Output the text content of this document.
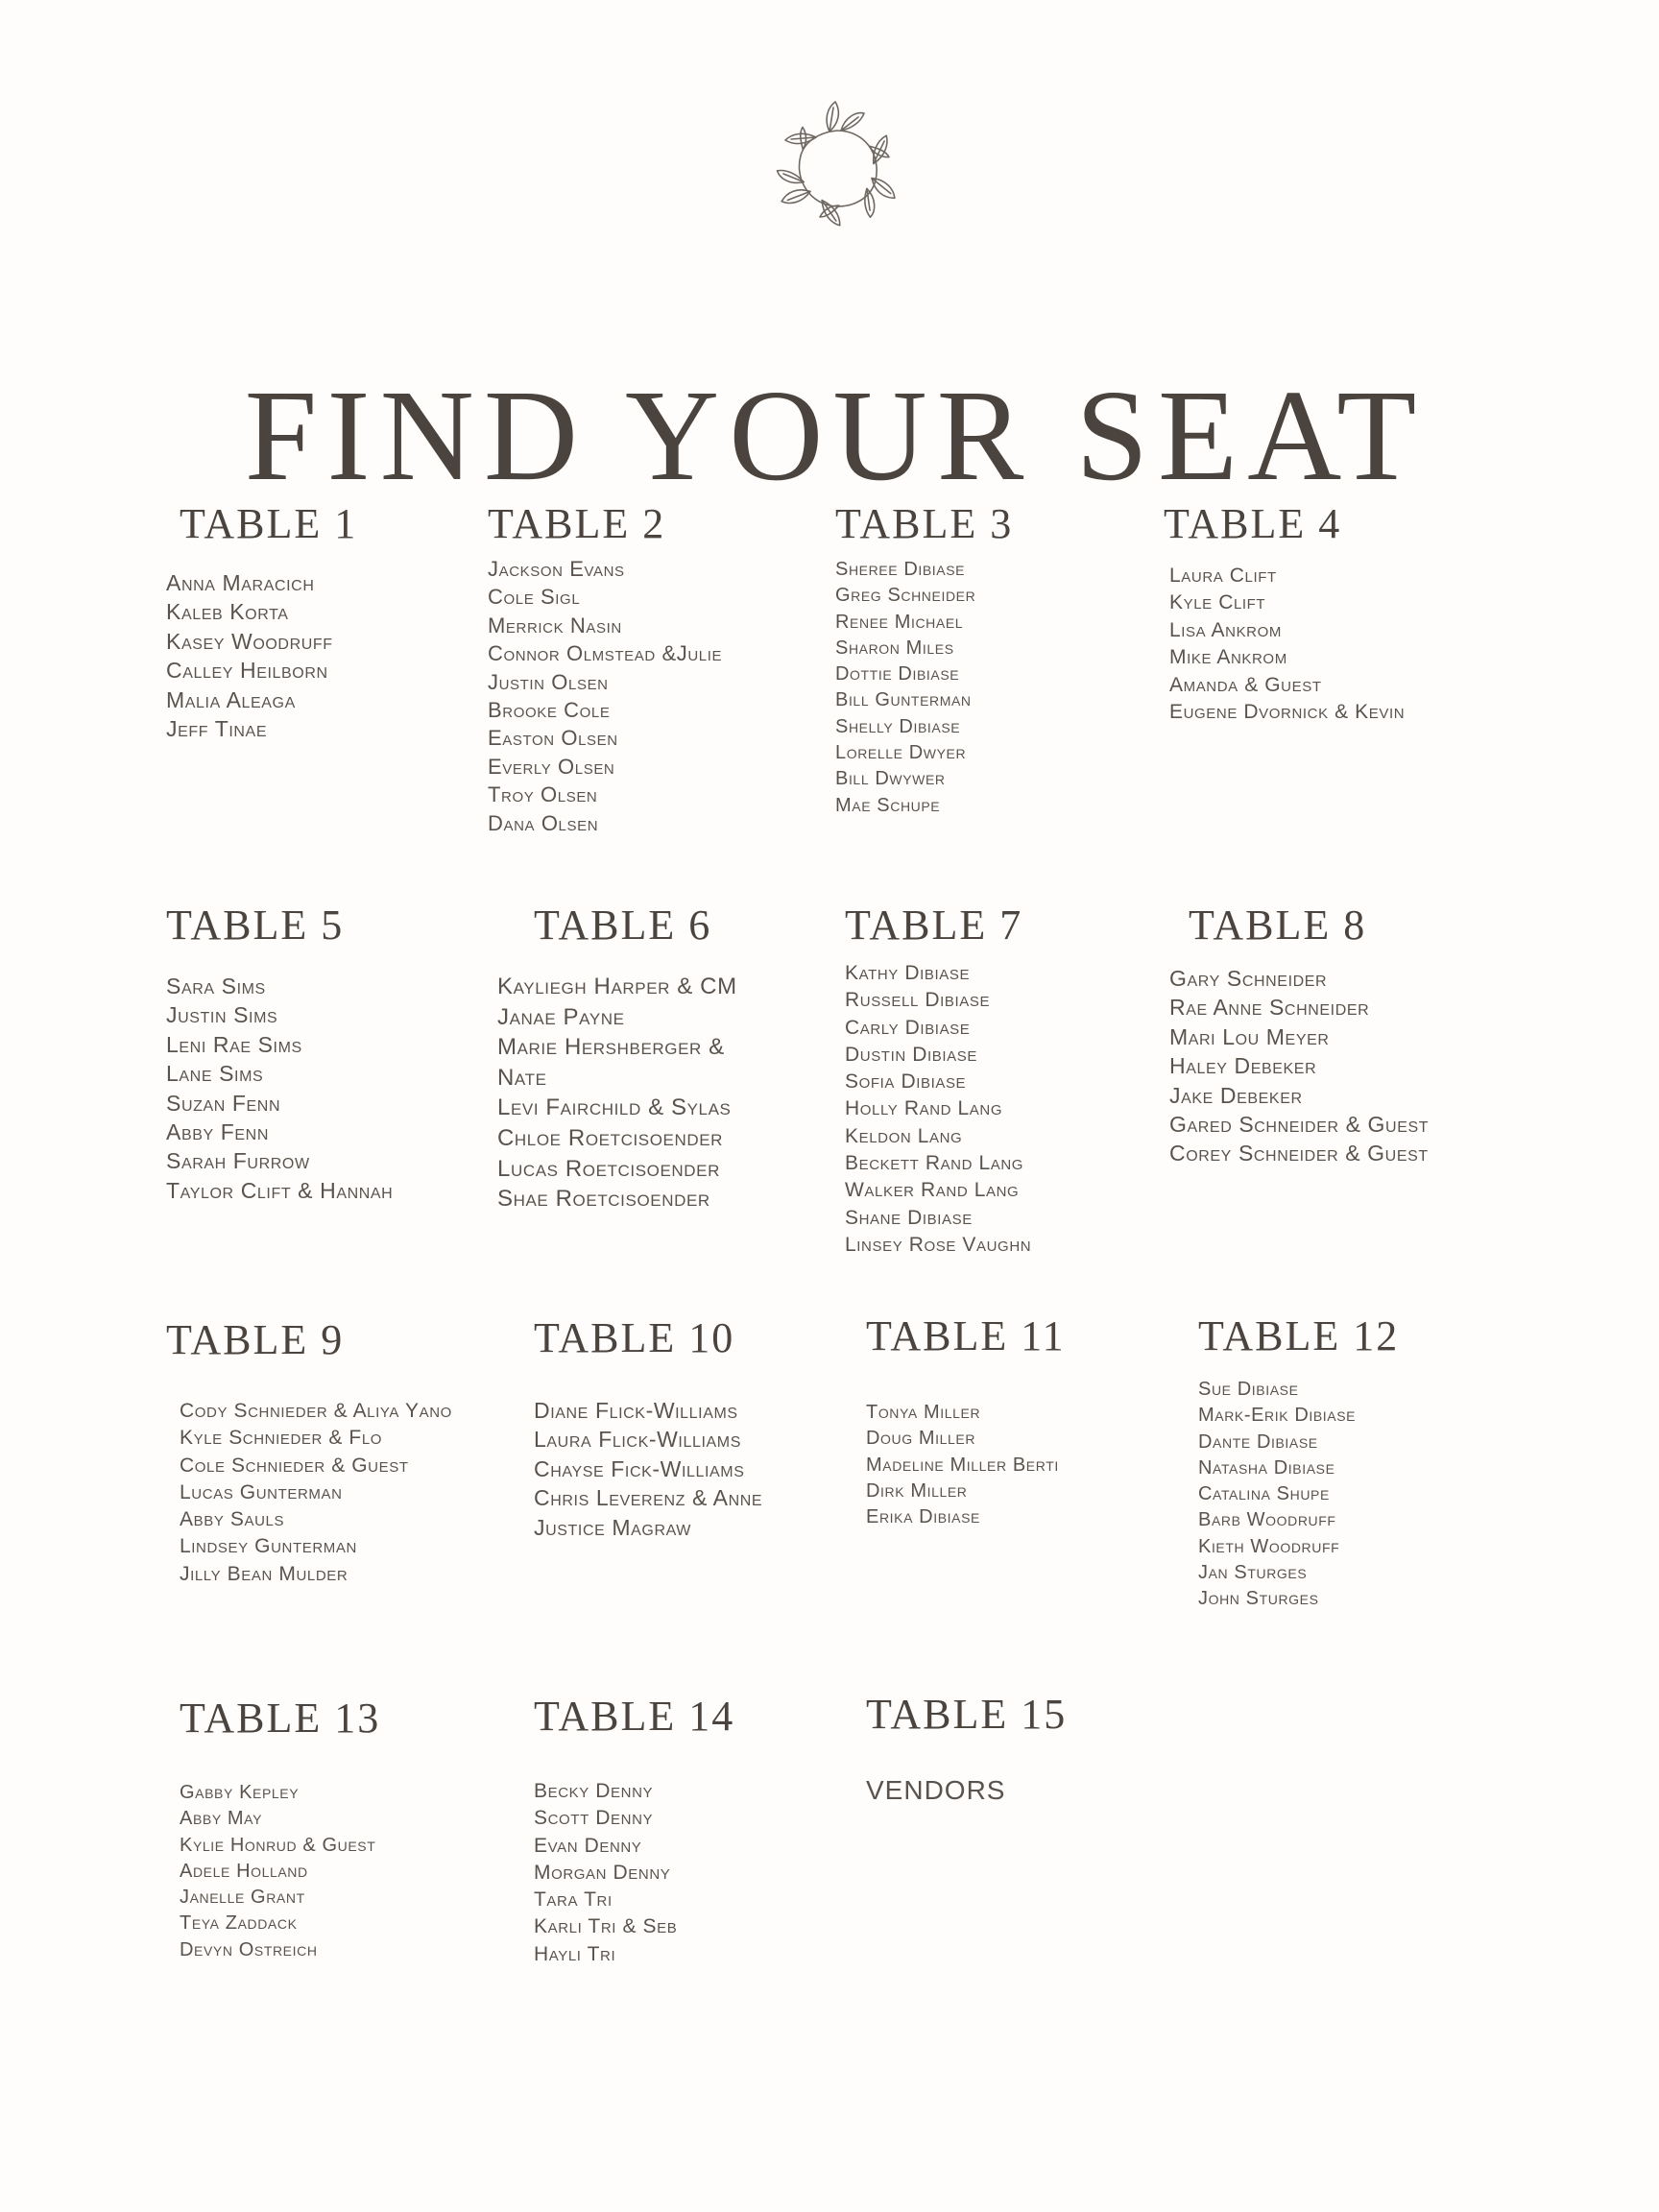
FIND YOUR SEAT
TABLE 1
Anna Maracich
Kaleb Korta
Kasey Woodruff
Calley Heilborn
Malia Aleaga
Jeff Tinae
TABLE 2
Jackson Evans
Cole Sigl
Merrick Nasin
Connor Olmstead &Julie
Justin Olsen
Brooke Cole
Easton Olsen
Everly Olsen
Troy Olsen
Dana Olsen
TABLE 3
Sheree Dibiase
Greg Schneider
Renee Michael
Sharon Miles
Dottie Dibiase
Bill Gunterman
Shelly Dibiase
Lorelle Dwyer
Bill Dwywer
Mae Schupe
TABLE 4
Laura Clift
Kyle Clift
Lisa Ankrom
Mike Ankrom
Amanda & Guest
Eugene Dvornick & Kevin
TABLE 5
Sara Sims
Justin Sims
Leni Rae Sims
Lane Sims
Suzan Fenn
Abby Fenn
Sarah Furrow
Taylor Clift & Hannah
TABLE 6
Kayliegh Harper & CM
Janae Payne
Marie Hershberger &
Nate
Levi Fairchild & Sylas
Chloe Roetcisoender
Lucas Roetcisoender
Shae Roetcisoender
TABLE 7
Kathy Dibiase
Russell Dibiase
Carly Dibiase
Dustin Dibiase
Sofia Dibiase
Holly Rand Lang
Keldon Lang
Beckett Rand Lang
Walker Rand Lang
Shane Dibiase
Linsey Rose Vaughn
TABLE 8
Gary Schneider
Rae Anne Schneider
Mari Lou Meyer
Haley Debeker
Jake Debeker
Gared Schneider & Guest
Corey Schneider & Guest
TABLE 9
Cody Schnieder & Aliya Yano
Kyle Schnieder & Flo
Cole Schnieder & Guest
Lucas Gunterman
Abby Sauls
Lindsey Gunterman
Jilly Bean Mulder
TABLE 10
Diane Flick-Williams
Laura Flick-Williams
Chayse Fick-Williams
Chris Leverenz & Anne
Justice Magraw
TABLE 11
Tonya Miller
Doug Miller
Madeline Miller Berti
Dirk Miller
Erika Dibiase
TABLE 12
Sue Dibiase
Mark-Erik Dibiase
Dante Dibiase
Natasha Dibiase
Catalina Shupe
Barb Woodruff
Kieth Woodruff
Jan Sturges
John Sturges
TABLE 13
Gabby Kepley
Abby May
Kylie Honrud & Guest
Adele Holland
Janelle Grant
Teya Zaddack
Devyn Ostreich
TABLE 14
Becky Denny
Scott Denny
Evan Denny
Morgan Denny
Tara Tri
Karli Tri & Seb
Hayli Tri
TABLE 15
VENDORS
